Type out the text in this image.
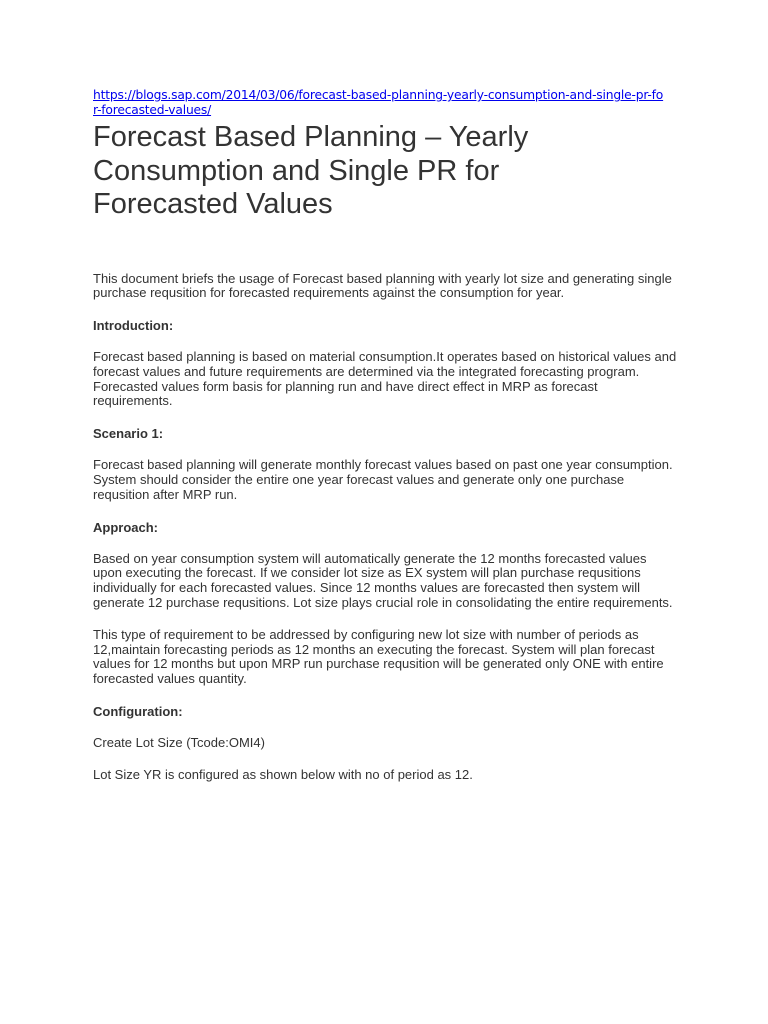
https://blogs.sap.com/2014/03/06/forecast-based-planning-yearly-consumption-and-single-pr-for-forecasted-values/
Forecast Based Planning – Yearly Consumption and Single PR for Forecasted Values

This document briefs the usage of Forecast based planning with yearly lot size and generating single purchase requsition for forecasted requirements against the consumption for year.

Introduction:

Forecast based planning is based on material consumption.It operates based on historical values and forecast values and future requirements are determined via the integrated forecasting program. Forecasted values form basis for planning run and have direct effect in MRP as forecast requirements.

Scenario 1:

Forecast based planning will generate monthly forecast values based on past one year consumption. System should consider the entire one year forecast values and generate only one purchase requsition after MRP run.

Approach:

Based on year consumption system will automatically generate the 12 months forecasted values upon executing the forecast. If we consider lot size as EX system will plan purchase requsitions individually for each forecasted values. Since 12 months values are forecasted then system will generate 12 purchase requsitions. Lot size plays crucial role in consolidating the entire requirements.

This type of requirement to be addressed by configuring new lot size with number of periods as 12,maintain forecasting periods as 12 months an executing the forecast. System will plan forecast values for 12 months but upon MRP run purchase requsition will be generated only ONE with entire forecasted values quantity.

Configuration:

Create Lot Size (Tcode:OMI4)

Lot Size YR is configured as shown below with no of period as 12.
